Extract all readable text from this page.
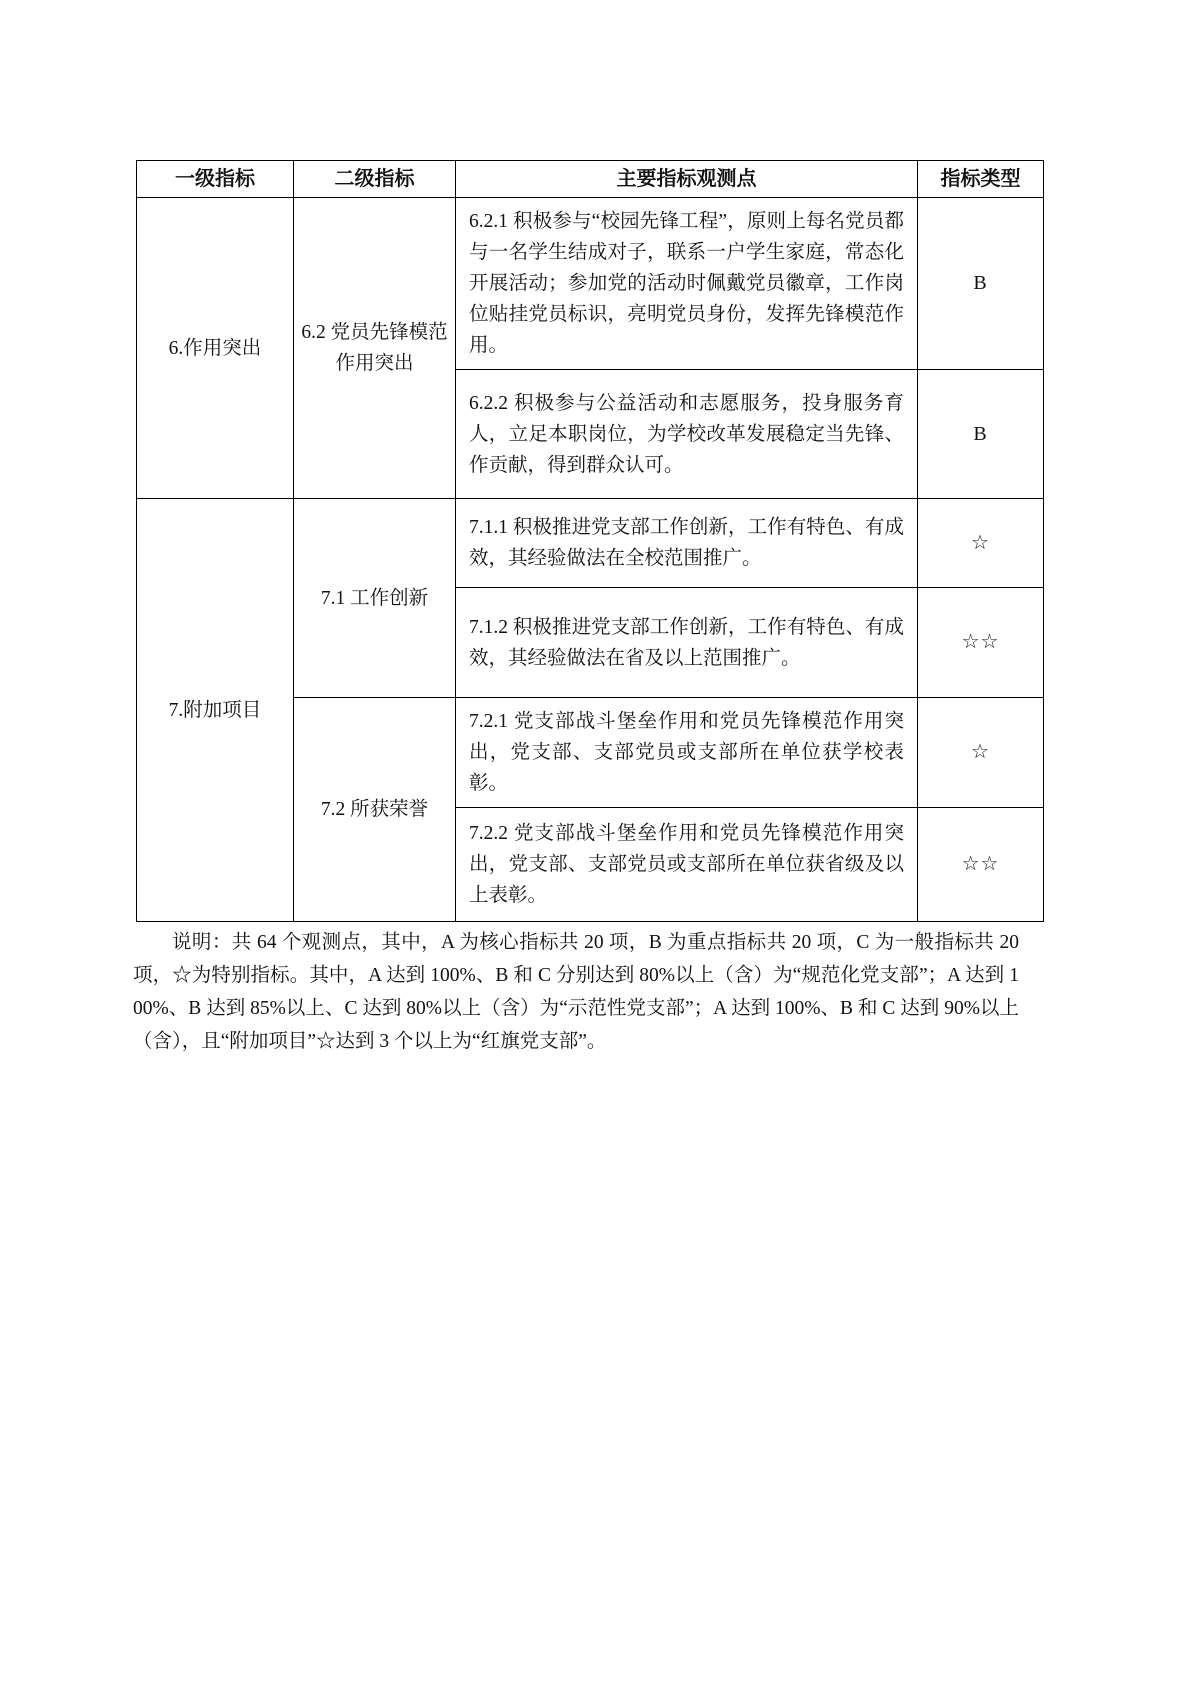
一级指标	二级指标	主要指标观测点	指标类型
6.作用突出	6.2 党员先锋模范作用突出	6.2.1 积极参与“校园先锋工程”，原则上每名党员都与一名学生结成对子，联系一户学生家庭，常态化开展活动；参加党的活动时佩戴党员徽章，工作岗位贴挂党员标识，亮明党员身份，发挥先锋模范作用。	B
		6.2.2 积极参与公益活动和志愿服务，投身服务育人，立足本职岗位，为学校改革发展稳定当先锋、作贡献，得到群众认可。	B
7.附加项目	7.1 工作创新	7.1.1 积极推进党支部工作创新，工作有特色、有成效，其经验做法在全校范围推广。	☆
		7.1.2 积极推进党支部工作创新，工作有特色、有成效，其经验做法在省及以上范围推广。	☆☆
	7.2 所获荣誉	7.2.1 党支部战斗堡垒作用和党员先锋模范作用突出，党支部、支部党员或支部所在单位获学校表彰。	☆
		7.2.2 党支部战斗堡垒作用和党员先锋模范作用突出，党支部、支部党员或支部所在单位获省级及以上表彰。	☆☆

说明：共 64 个观测点，其中，A 为核心指标共 20 项，B 为重点指标共 20 项，C 为一般指标共 20 项，☆为特别指标。其中，A 达到 100%、B 和 C 分别达到 80%以上（含）为“规范化党支部”；A 达到 100%、B 达到 85%以上、C 达到 80%以上（含）为“示范性党支部”；A 达到 100%、B 和 C 达到 90%以上（含），且“附加项目”☆达到 3 个以上为“红旗党支部”。
